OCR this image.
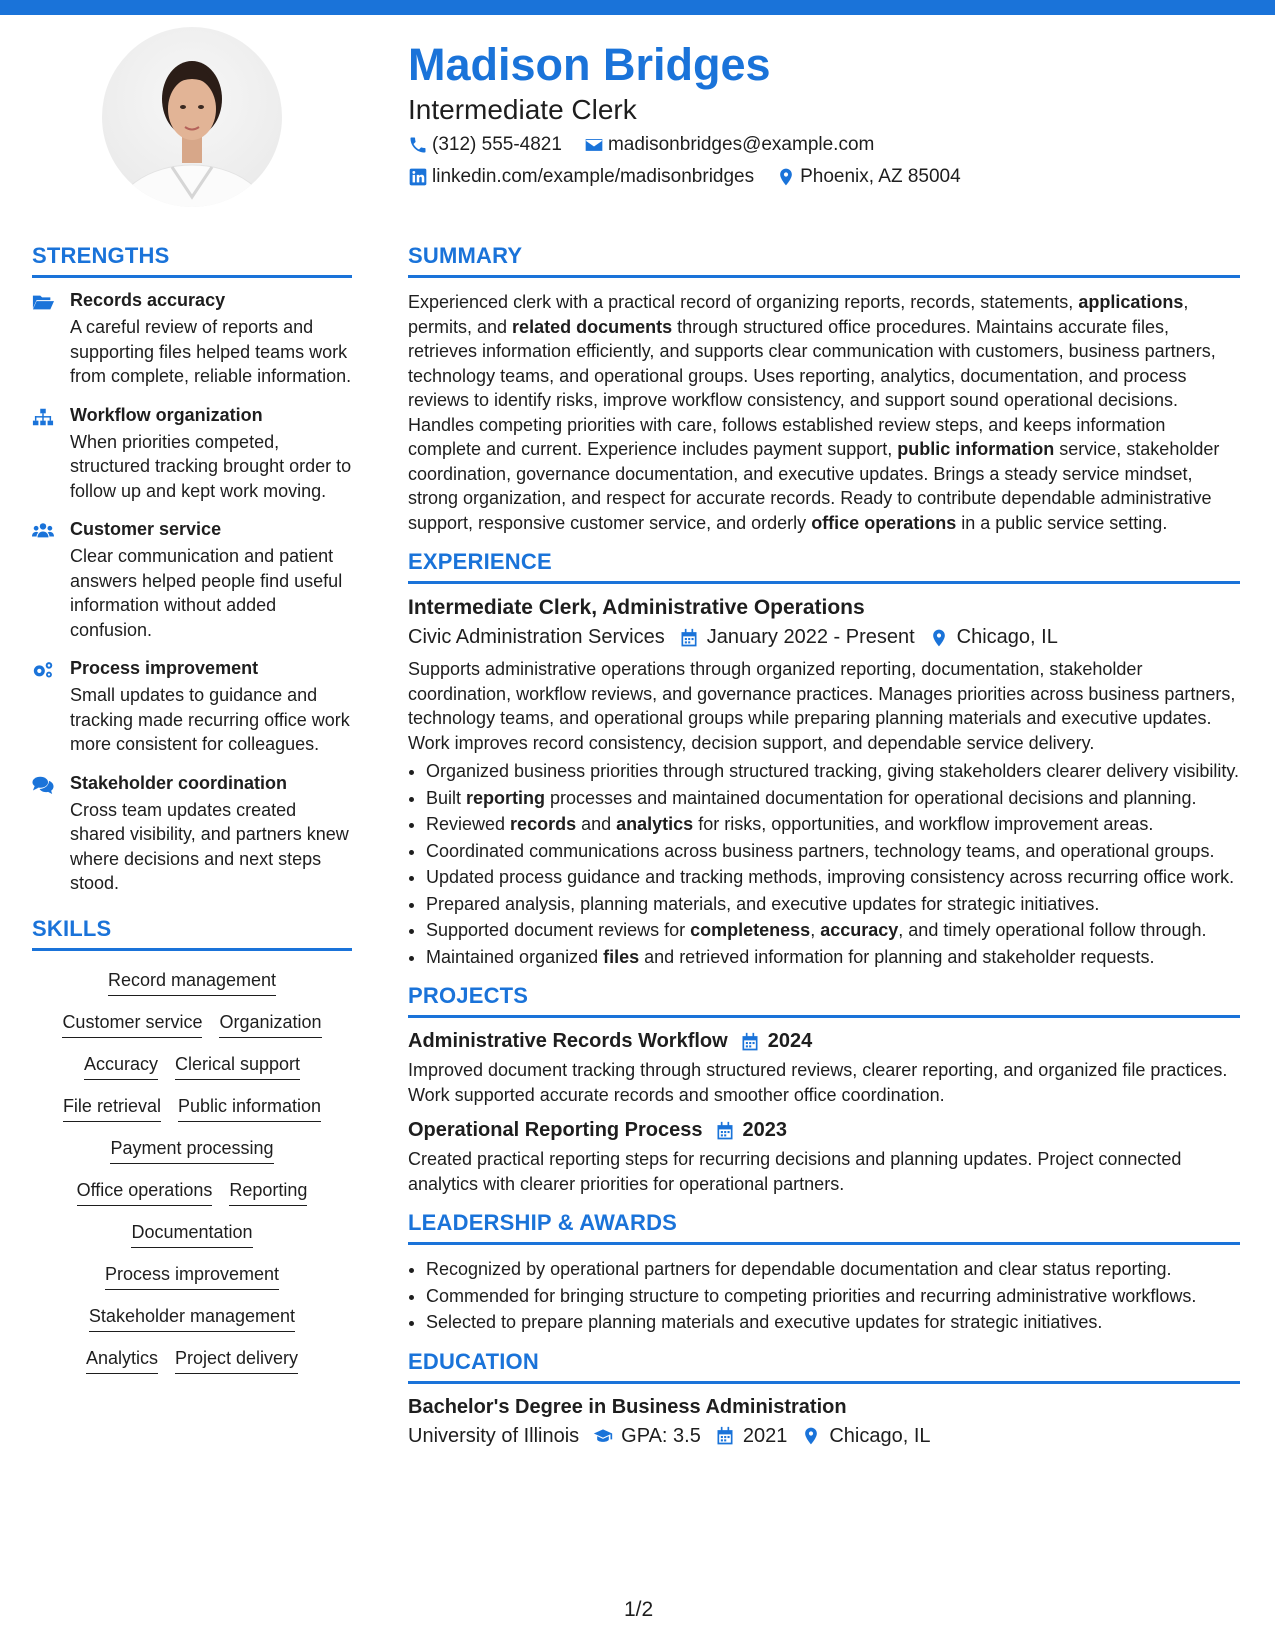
Madison Bridges
Intermediate Clerk
(312) 555-4821 madisonbridges@example.com
linkedin.com/example/madisonbridges Phoenix, AZ 85004
STRENGTHS
Records accuracy
A careful review of reports and supporting files helped teams work from complete, reliable information.
Workflow organization
When priorities competed, structured tracking brought order to follow up and kept work moving.
Customer service
Clear communication and patient answers helped people find useful information without added confusion.
Process improvement
Small updates to guidance and tracking made recurring office work more consistent for colleagues.
Stakeholder coordination
Cross team updates created shared visibility, and partners knew where decisions and next steps stood.
SKILLS
Record management
Customer service Organization
Accuracy Clerical support
File retrieval Public information
Payment processing
Office operations Reporting
Documentation
Process improvement
Stakeholder management
Analytics Project delivery
SUMMARY

Experienced clerk with a practical record of organizing reports, records, statements, applications, permits, and related documents through structured office procedures. Maintains accurate files, retrieves information efficiently, and supports clear communication with customers, business partners, technology teams, and operational groups. Uses reporting, analytics, documentation, and process reviews to identify risks, improve workflow consistency, and support sound operational decisions. Handles competing priorities with care, follows established review steps, and keeps information complete and current. Experience includes payment support, public information service, stakeholder coordination, governance documentation, and executive updates. Brings a steady service mindset, strong organization, and respect for accurate records. Ready to contribute dependable administrative support, responsive customer service, and orderly office operations in a public service setting.

EXPERIENCE
Intermediate Clerk, Administrative Operations
Civic Administration Services January 2022 - Present Chicago, IL

Supports administrative operations through organized reporting, documentation, stakeholder coordination, workflow reviews, and governance practices. Manages priorities across business partners, technology teams, and operational groups while preparing planning materials and executive updates. Work improves record consistency, decision support, and dependable service delivery.

• Organized business priorities through structured tracking, giving stakeholders clearer delivery visibility.
• Built reporting processes and maintained documentation for operational decisions and planning.
• Reviewed records and analytics for risks, opportunities, and workflow improvement areas.
• Coordinated communications across business partners, technology teams, and operational groups.
• Updated process guidance and tracking methods, improving consistency across recurring office work.
• Prepared analysis, planning materials, and executive updates for strategic initiatives.
• Supported document reviews for completeness, accuracy, and timely operational follow through.
• Maintained organized files and retrieved information for planning and stakeholder requests.
PROJECTS
Administrative Records Workflow 2024

Improved document tracking through structured reviews, clearer reporting, and organized file practices. Work supported accurate records and smoother office coordination.

Operational Reporting Process 2023

Created practical reporting steps for recurring decisions and planning updates. Project connected analytics with clearer priorities for operational partners.

LEADERSHIP & AWARDS
• Recognized by operational partners for dependable documentation and clear status reporting.
• Commended for bringing structure to competing priorities and recurring administrative workflows.
• Selected to prepare planning materials and executive updates for strategic initiatives.
EDUCATION
Bachelor's Degree in Business Administration
University of Illinois GPA: 3.5 2021 Chicago, IL
1/2
